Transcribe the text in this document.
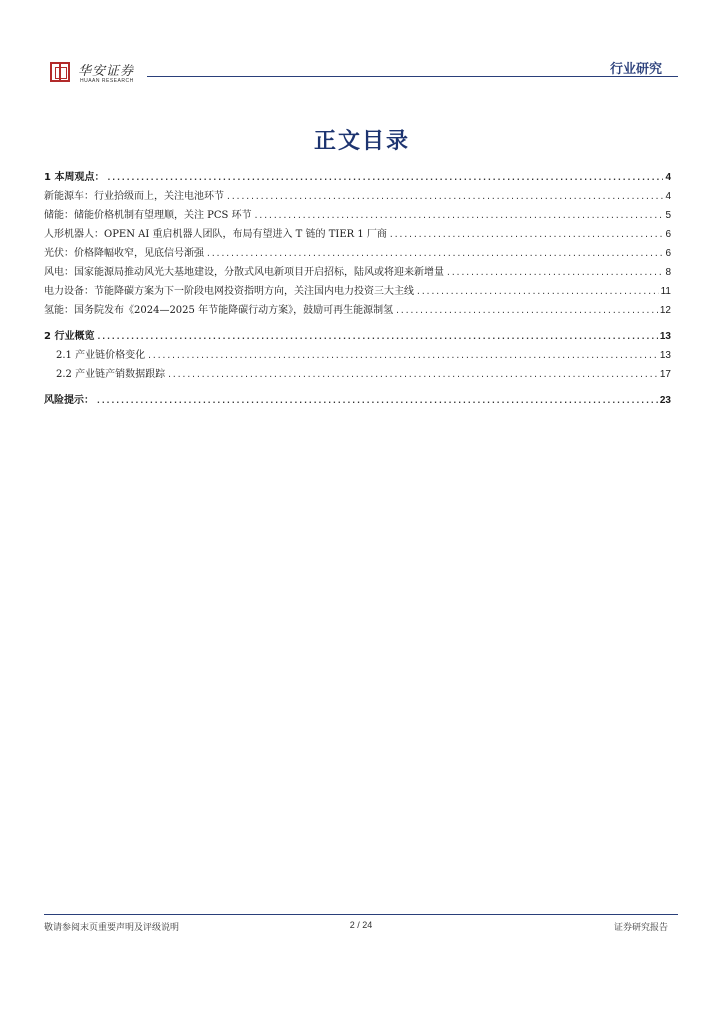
华安证券
HUAAN RESEARCH
行业研究
正文目录
1 本周观点： .....	4
新能源车：行业拾级而上，关注电池环节 .....	4
储能：储能价格机制有望理顺，关注 PCS 环节 .....	5
人形机器人：OPEN AI 重启机器人团队，布局有望进入 T 链的 TIER 1 厂商 .....	6
光伏：价格降幅收窄，见底信号渐强 .....	6
风电：国家能源局推动风光大基地建设，分散式风电新项目开启招标，陆风或将迎来新增量 .....	8
电力设备：节能降碳方案为下一阶段电网投资指明方向，关注国内电力投资三大主线 .....	11
氢能：国务院发布《2024—2025 年节能降碳行动方案》，鼓励可再生能源制氢 .....	12
2 行业概览 .....	13
2.1 产业链价格变化 .....	13
2.2 产业链产销数据跟踪 .....	17
风险提示： .....	23
敬请参阅末页重要声明及评级说明	2 / 24	证券研究报告
